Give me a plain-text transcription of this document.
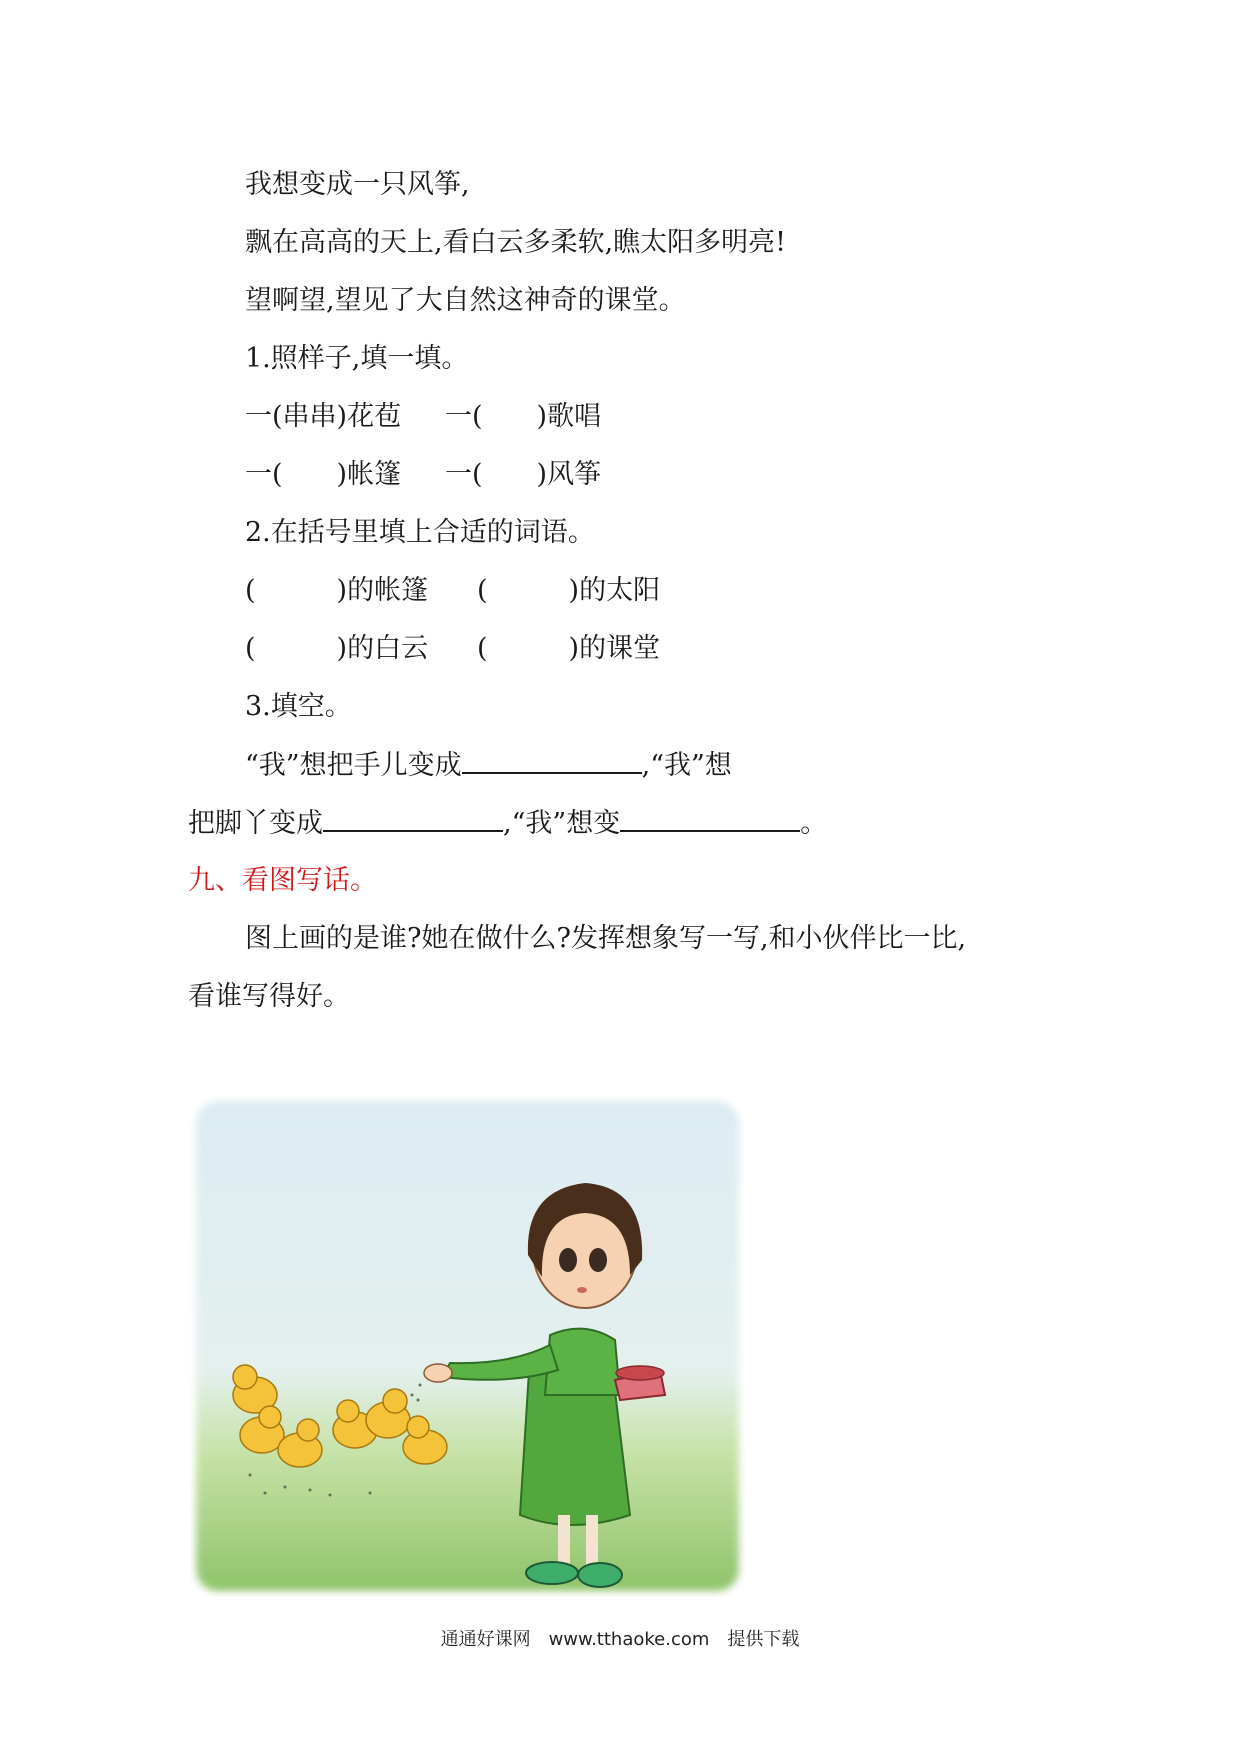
我想变成一只风筝,
飘在高高的天上,看白云多柔软,瞧太阳多明亮!
望啊望,望见了大自然这神奇的课堂。
1.照样子,填一填。
一(串串)花苞 一(　　)歌唱
一(　　)帐篷 一(　　)风筝
2.在括号里填上合适的词语。
(　　　)的帐篷 (　　　)的太阳
(　　　)的白云 (　　　)的课堂
3.填空。
“我”想把手儿变成	,“我”想
把脚丫变成	,“我”想变	。
九、看图写话。
图上画的是谁?她在做什么?发挥想象写一写,和小伙伴比一比,
看谁写得好。
通通好课网　www.tthaoke.com　提供下载
